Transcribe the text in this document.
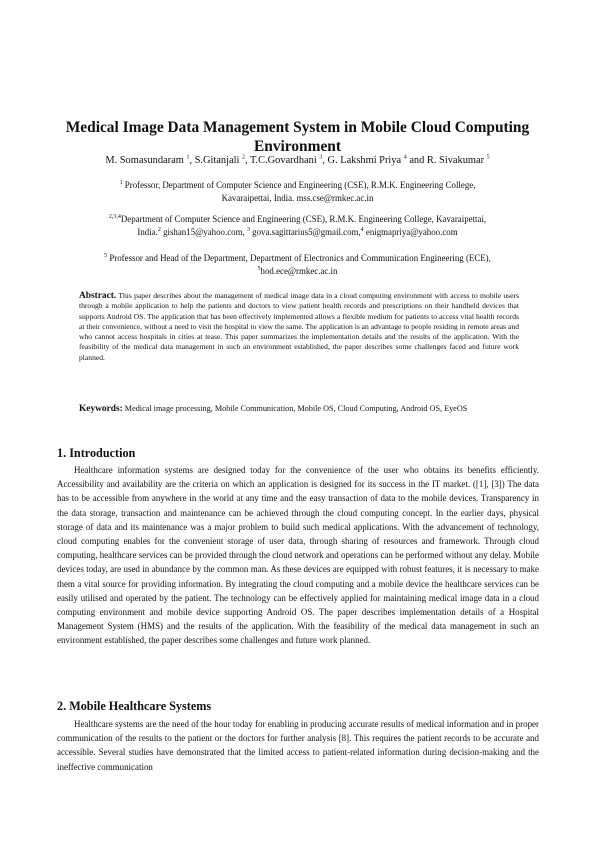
Medical Image Data Management System in Mobile Cloud Computing
Environment
M. Somasundaram $^1$, S.Gitanjali $^2$, T.C.Govardhani $^3$, G. Lakshmi Priya $^4$ and R. Sivakumar $^5$
$^1$ Professor, Department of Computer Science and Engineering (CSE), R.M.K. Engineering College,
Kavaraipettai, India. mss.cse@rmkec.ac.in
$^{2,3,4}$Department of Computer Science and Engineering (CSE), R.M.K. Engineering College, Kavaraipettai,
India.$^2$ gishan15@yahoo.com, $^3$ gova.sagittarius5@gmail.com,$^4$ enigmapriya@yahoo.com
$^5$ Professor and Head of the Department, Department of Electronics and Communication Engineering (ECE),
$^5$hod.ece@rmkec.ac.in
Abstract. This paper describes about the management of medical image data in a cloud computing environment with access to mobile users through a mobile application to help the patients and doctors to view patient health records and prescriptions on their handheld devices that supports Android OS. The application that has been effectively implemented allows a flexible medium for patients to access vital health records at their convenience, without a need to visit the hospital to view the same. The application is an advantage to people residing in remote areas and who cannot access hospitals in cities at tease. This paper summarizes the implementation details and the results of the application. With the feasibility of the medical data management in such an environment established, the paper describes some challenges faced and future work planned.
Keywords: Medical image processing, Mobile Communication, Mobile OS, Cloud Computing, Android OS, EyeOS
1. Introduction
Healthcare information systems are designed today for the convenience of the user who obtains its benefits efficiently. Accessibility and availability are the criteria on which an application is designed for its success in the IT market. ([1], [3]) The data has to be accessible from anywhere in the world at any time and the easy transaction of data to the mobile devices. Transparency in the data storage, transaction and maintenance can be achieved through the cloud computing concept. In the earlier days, physical storage of data and its maintenance was a major problem to build such medical applications. With the advancement of technology, cloud computing enables for the convenient storage of user data, through sharing of resources and framework. Through cloud computing, healthcare services can be provided through the cloud network and operations can be performed without any delay. Mobile devices today, are used in abundance by the common man. As these devices are equipped with robust features, it is necessary to make them a vital source for providing information. By integrating the cloud computing and a mobile device the healthcare services can be easily utilised and operated by the patient. The technology can be effectively applied for maintaining medical image data in a cloud computing environment and mobile device supporting Android OS. The paper describes implementation details of a Hospital Management System (HMS) and the results of the application. With the feasibility of the medical data management in such an environment established, the paper describes some challenges and future work planned.
2. Mobile Healthcare Systems
Healthcare systems are the need of the hour today for enabling in producing accurate results of medical information and in proper communication of the results to the patient or the doctors for further analysis [8]. This requires the patient records to be accurate and accessible. Several studies have demonstrated that the limited access to patient-related information during decision-making and the ineffective communication
